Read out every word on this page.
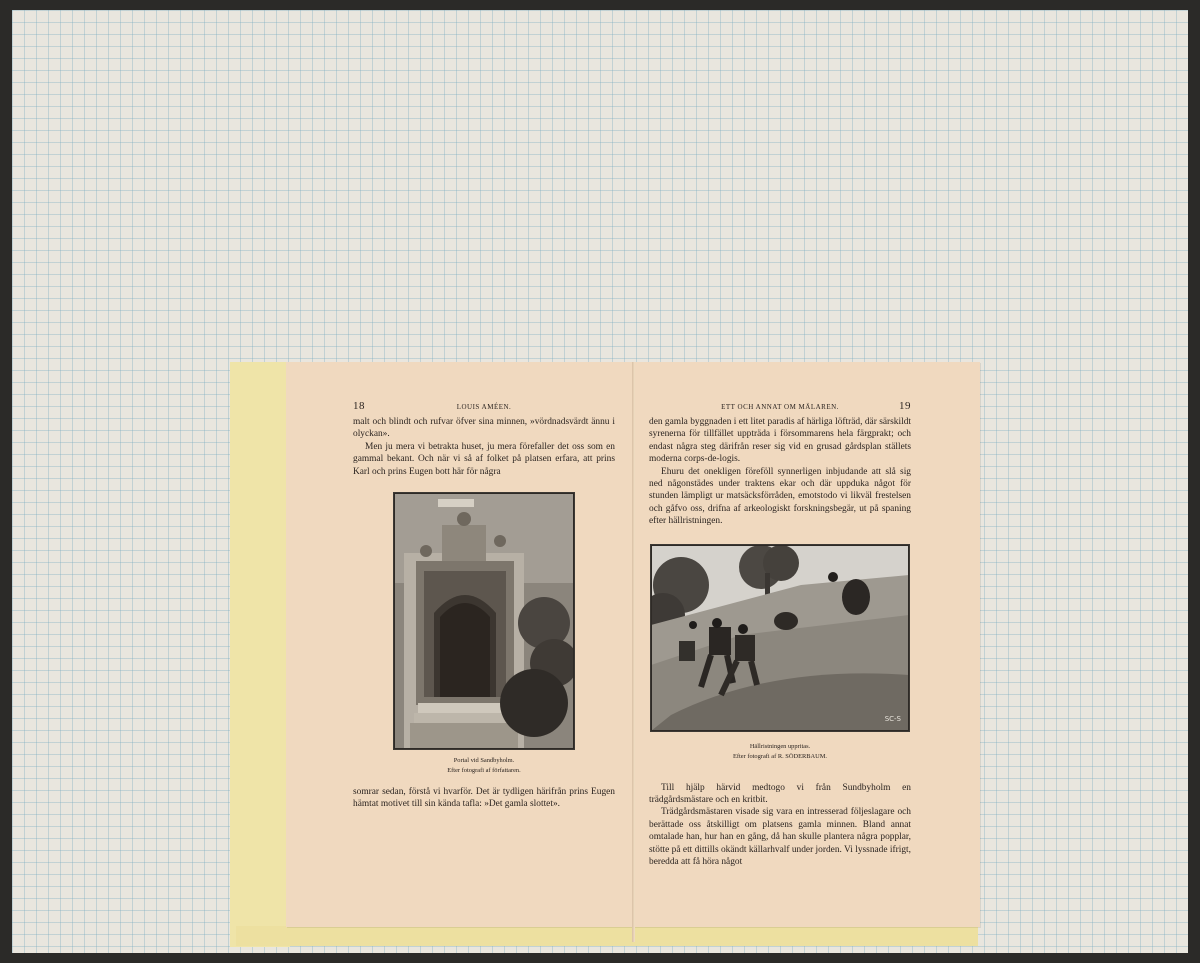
18	LOUIS AMÉEN.

malt och blindt och rufvar öfver sina minnen, »vördnadsvärdt ännu i olyckan».

Men ju mera vi betrakta huset, ju mera förefaller det oss som en gammal bekant. Och när vi så af folket på platsen erfara, att prins Karl och prins Eugen bott här för några

Portal vid Sandbyholm.
Efter fotografi af författaren.

somrar sedan, förstå vi hvarför. Det är tydligen härifrån prins Eugen hämtat motivet till sin kända tafla: »Det gamla slottet».

ETT OCH ANNAT OM MÄLAREN.	19

den gamla byggnaden i ett litet paradis af härliga löfträd, där särskildt syrenerna för tillfället uppträda i försommarens hela färgprakt; och endast några steg därifrån reser sig vid en grusad gårdsplan ställets moderna corps-de-logis.

Ehuru det onekligen föreföll synnerligen inbjudande att slå sig ned någonstädes under traktens ekar och där uppduka något för stunden lämpligt ur matsäcksförråden, emotstodo vi likväl frestelsen och gåfvo oss, drifna af arkeologiskt forskningsbegär, ut på spaning efter hällristningen.

SC-S
Hällristningen uppritas.
Efter fotografi af R. SÖDERBAUM.

Till hjälp härvid medtogo vi från Sundbyholm en trädgårdsmästare och en kritbit.

Trädgårdsmästaren visade sig vara en intresserad följeslagare och berättade oss åtskilligt om platsens gamla minnen. Bland annat omtalade han, hur han en gång, då han skulle plantera några popplar, stötte på ett dittills okändt källarhvalf under jorden. Vi lyssnade ifrigt, beredda att få höra något
